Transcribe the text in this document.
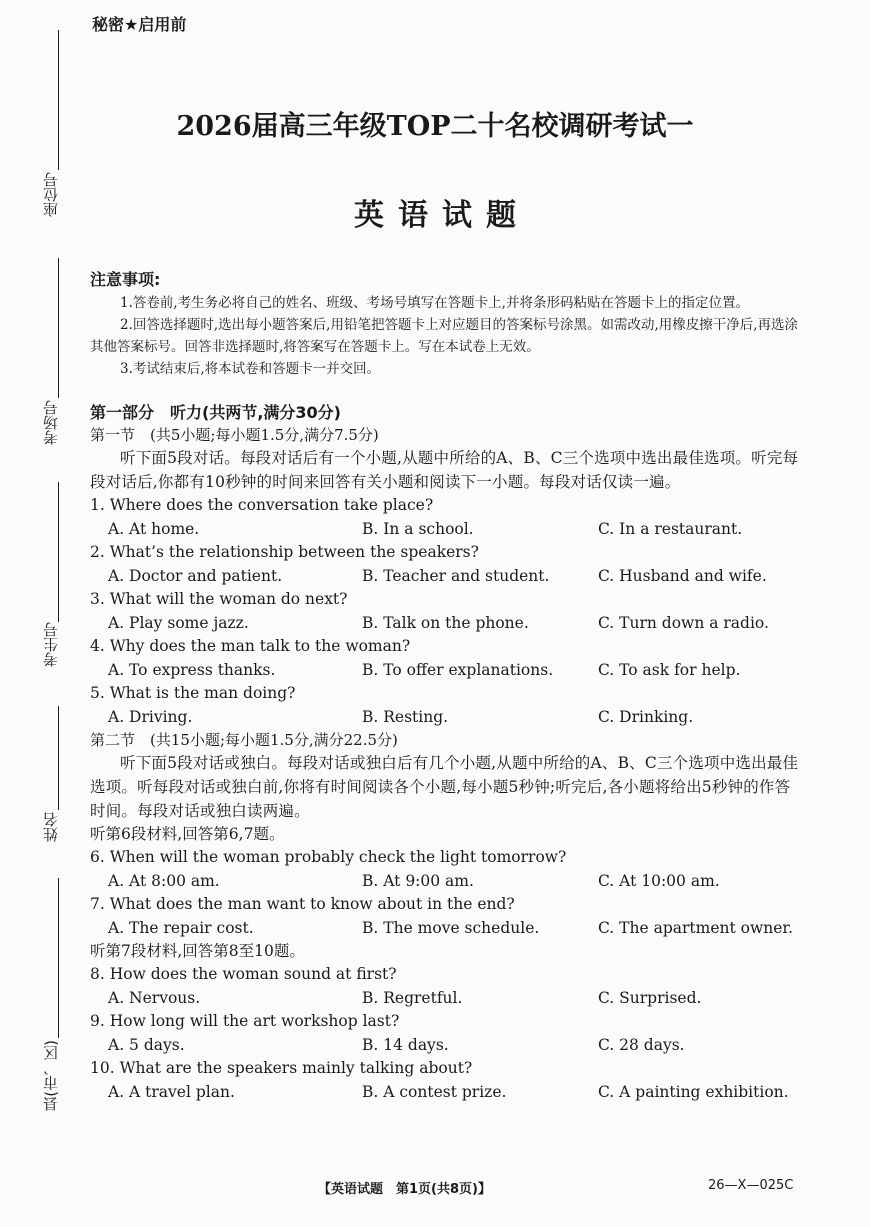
秘密★启用前
座位号
考场号
考生号
姓名
县(市、区)
2026届高三年级TOP二十名校调研考试一
英语试题

注意事项:

1.答卷前,考生务必将自己的姓名、班级、考场号填写在答题卡上,并将条形码粘贴在答题卡上的指定位置。

2.回答选择题时,选出每小题答案后,用铅笔把答题卡上对应题目的答案标号涂黑。如需改动,用橡皮擦干净后,再选涂其他答案标号。回答非选择题时,将答案写在答题卡上。写在本试卷上无效。

3.考试结束后,将本试卷和答题卡一并交回。

第一部分　听力(共两节,满分30分)

第一节　(共5小题;每小题1.5分,满分7.5分)

听下面5段对话。每段对话后有一个小题,从题中所给的A、B、C三个选项中选出最佳选项。听完每段对话后,你都有10秒钟的时间来回答有关小题和阅读下一小题。每段对话仅读一遍。

1. Where does the conversation take place?

A. At home.	B. In a school.	C. In a restaurant.

2. What’s the relationship between the speakers?

A. Doctor and patient.	B. Teacher and student.	C. Husband and wife.

3. What will the woman do next?

A. Play some jazz.	B. Talk on the phone.	C. Turn down a radio.

4. Why does the man talk to the woman?

A. To express thanks.	B. To offer explanations.	C. To ask for help.

5. What is the man doing?

A. Driving.	B. Resting.	C. Drinking.

第二节　(共15小题;每小题1.5分,满分22.5分)

听下面5段对话或独白。每段对话或独白后有几个小题,从题中所给的A、B、C三个选项中选出最佳选项。听每段对话或独白前,你将有时间阅读各个小题,每小题5秒钟;听完后,各小题将给出5秒钟的作答时间。每段对话或独白读两遍。

听第6段材料,回答第6,7题。

6. When will the woman probably check the light tomorrow?

A. At 8:00 am.	B. At 9:00 am.	C. At 10:00 am.

7. What does the man want to know about in the end?

A. The repair cost.	B. The move schedule.	C. The apartment owner.

听第7段材料,回答第8至10题。

8. How does the woman sound at first?

A. Nervous.	B. Regretful.	C. Surprised.

9. How long will the art workshop last?

A. 5 days.	B. 14 days.	C. 28 days.

10. What are the speakers mainly talking about?

A. A travel plan.	B. A contest prize.	C. A painting exhibition.
【英语试题　第1页(共8页)】	26—X—025C
